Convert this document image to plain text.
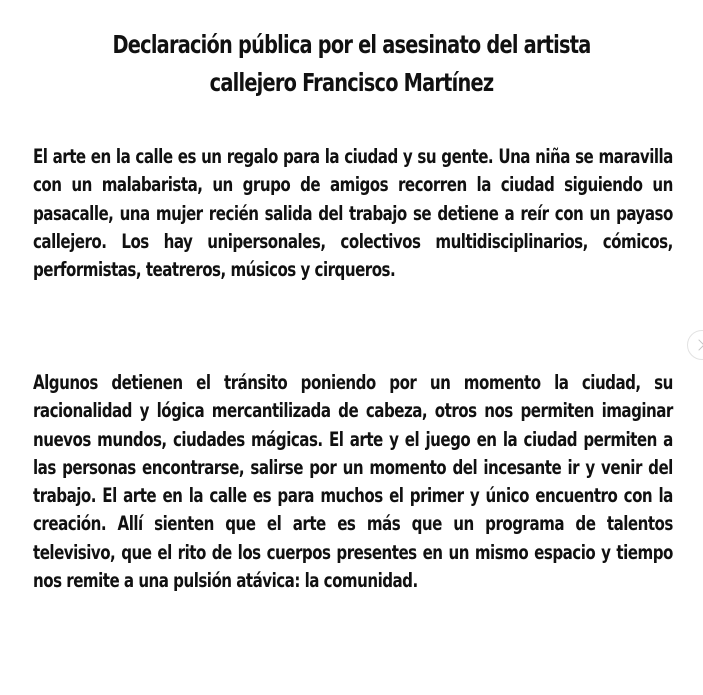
Declaración pública por el asesinato del artista callejero Francisco Martínez

El arte en la calle es un regalo para la ciudad y su gente. Una niña se maravilla con un malabarista, un grupo de amigos recorren la ciudad siguiendo un pasacalle, una mujer recién salida del trabajo se detiene a reír con un payaso callejero. Los hay unipersonales, colectivos multidisciplinarios, cómicos, performistas, teatreros, músicos y cirqueros.

Algunos detienen el tránsito poniendo por un momento la ciudad, su racionalidad y lógica mercantilizada de cabeza, otros nos permiten imaginar nuevos mundos, ciudades mágicas. El arte y el juego en la ciudad permiten a las personas encontrarse, salirse por un momento del incesante ir y venir del trabajo. El arte en la calle es para muchos el primer y único encuentro con la creación. Allí sienten que el arte es más que un programa de talentos televisivo, que el rito de los cuerpos presentes en un mismo espacio y tiempo nos remite a una pulsión atávica: la comunidad.
